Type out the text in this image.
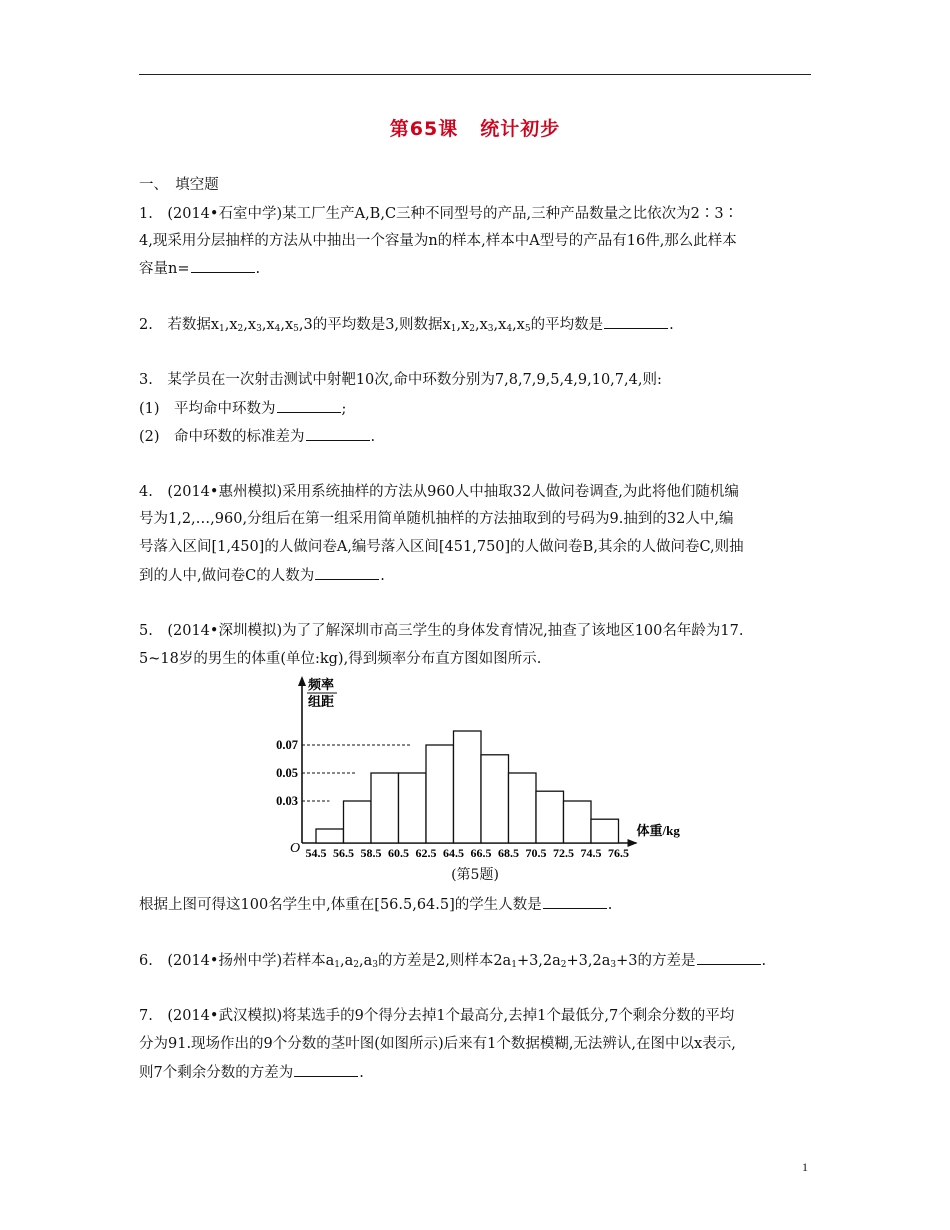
第65课 统计初步
一、　填空题
1.　(2014•石室中学)某工厂生产A,B,C三种不同型号的产品,三种产品数量之比依次为2∶3∶
4,现采用分层抽样的方法从中抽出一个容量为n的样本,样本中A型号的产品有16件,那么此样本
容量n=	.
2.　若数据$x_1,x_2,x_3,x_4,x_5,3$的平均数是3,则数据$x_1,x_2,x_3,x_4,x_5$的平均数是	.
3.　某学员在一次射击测试中射靶10次,命中环数分别为7,8,7,9,5,4,9,10,7,4,则:
(1)　平均命中环数为	;
(2)　命中环数的标准差为	.
4.　(2014•惠州模拟)采用系统抽样的方法从960人中抽取32人做问卷调查,为此将他们随机编
号为1,2,…,960,分组后在第一组采用简单随机抽样的方法抽取到的号码为9.抽到的32人中,编
号落入区间[1,450]的人做问卷A,编号落入区间[451,750]的人做问卷B,其余的人做问卷C,则抽
到的人中,做问卷C的人数为	.
5.　(2014•深圳模拟)为了了解深圳市高三学生的身体发育情况,抽查了该地区100名年龄为17.
5~18岁的男生的体重(单位:kg),得到频率分布直方图如图所示.
频率
组距
O
0.03
0.05
0.07
54.5 56.5 58.5 60.5 62.5 64.5 66.5 68.5 70.5 72.5 74.5 76.5
体重/kg
(第5题)
根据上图可得这100名学生中,体重在[56.5,64.5]的学生人数是	.
6.　(2014•扬州中学)若样本$a_1,a_2,a_3$的方差是2,则样本$2a_1+3,2a_2+3,2a_3+3$的方差是	.
7.　(2014•武汉模拟)将某选手的9个得分去掉1个最高分,去掉1个最低分,7个剩余分数的平均
分为91.现场作出的9个分数的茎叶图(如图所示)后来有1个数据模糊,无法辨认,在图中以x表示,
则7个剩余分数的方差为	.
1
